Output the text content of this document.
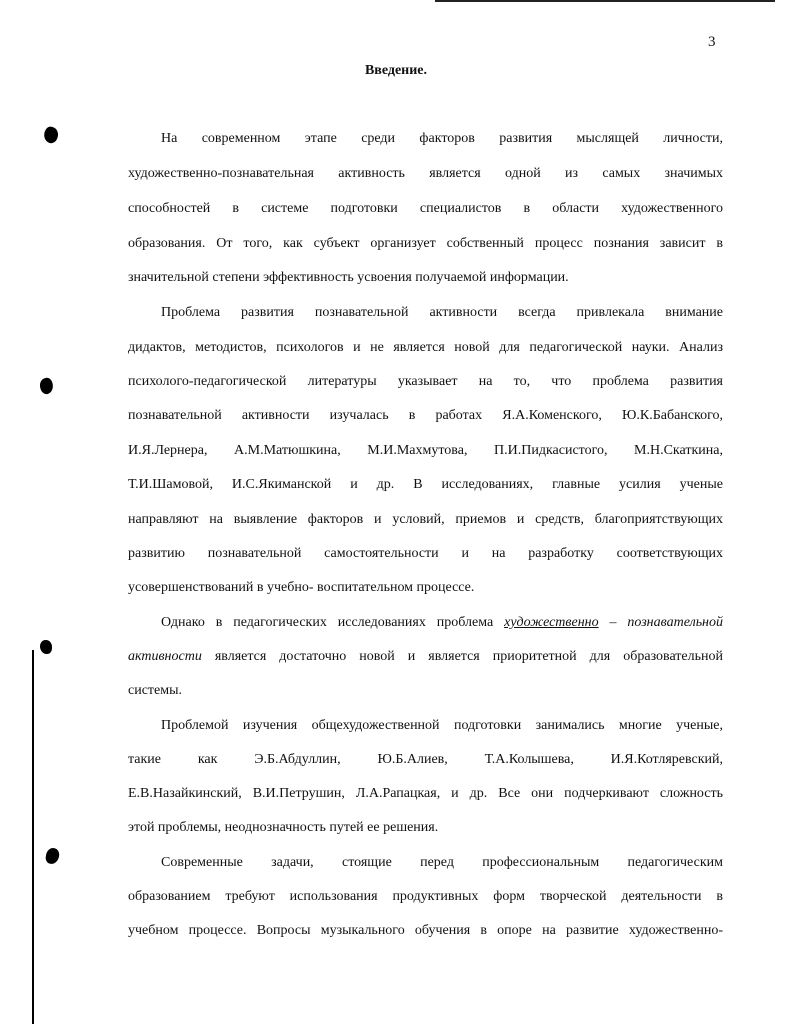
3
Введение.
На современном этапе среди факторов развития мыслящей личности,
художественно-познавательная активность является одной из самых значимых
способностей в системе подготовки специалистов в области художественного
образования. От того, как субъект организует собственный процесс познания зависит в
значительной степени эффективность усвоения получаемой информации.
Проблема развития познавательной активности всегда привлекала внимание
дидактов, методистов, психологов и не является новой для педагогической науки. Анализ
психолого-педагогической литературы указывает на то, что проблема развития
познавательной активности изучалась в работах Я.А.Коменского, Ю.К.Бабанского,
И.Я.Лернера, А.М.Матюшкина, М.И.Махмутова, П.И.Пидкасистого, М.Н.Скаткина,
Т.И.Шамовой, И.С.Якиманской и др. В исследованиях, главные усилия ученые
направляют на выявление факторов и условий, приемов и средств, благоприятствующих
развитию познавательной самостоятельности и на разработку соответствующих
усовершенствований в учебно- воспитательном процессе.
Однако в педагогических исследованиях проблема художественно – познавательной
активности является достаточно новой и является приоритетной для образовательной
системы.
Проблемой изучения общехудожественной подготовки занимались многие ученые,
такие как Э.Б.Абдуллин, Ю.Б.Алиев, Т.А.Колышева, И.Я.Котляревский,
Е.В.Назайкинский, В.И.Петрушин, Л.А.Рапацкая, и др. Все они подчеркивают сложность
этой проблемы, неоднозначность путей ее решения.
Современные задачи, стоящие перед профессиональным педагогическим
образованием требуют использования продуктивных форм творческой деятельности в
учебном процессе. Вопросы музыкального обучения в опоре на развитие художественно-
